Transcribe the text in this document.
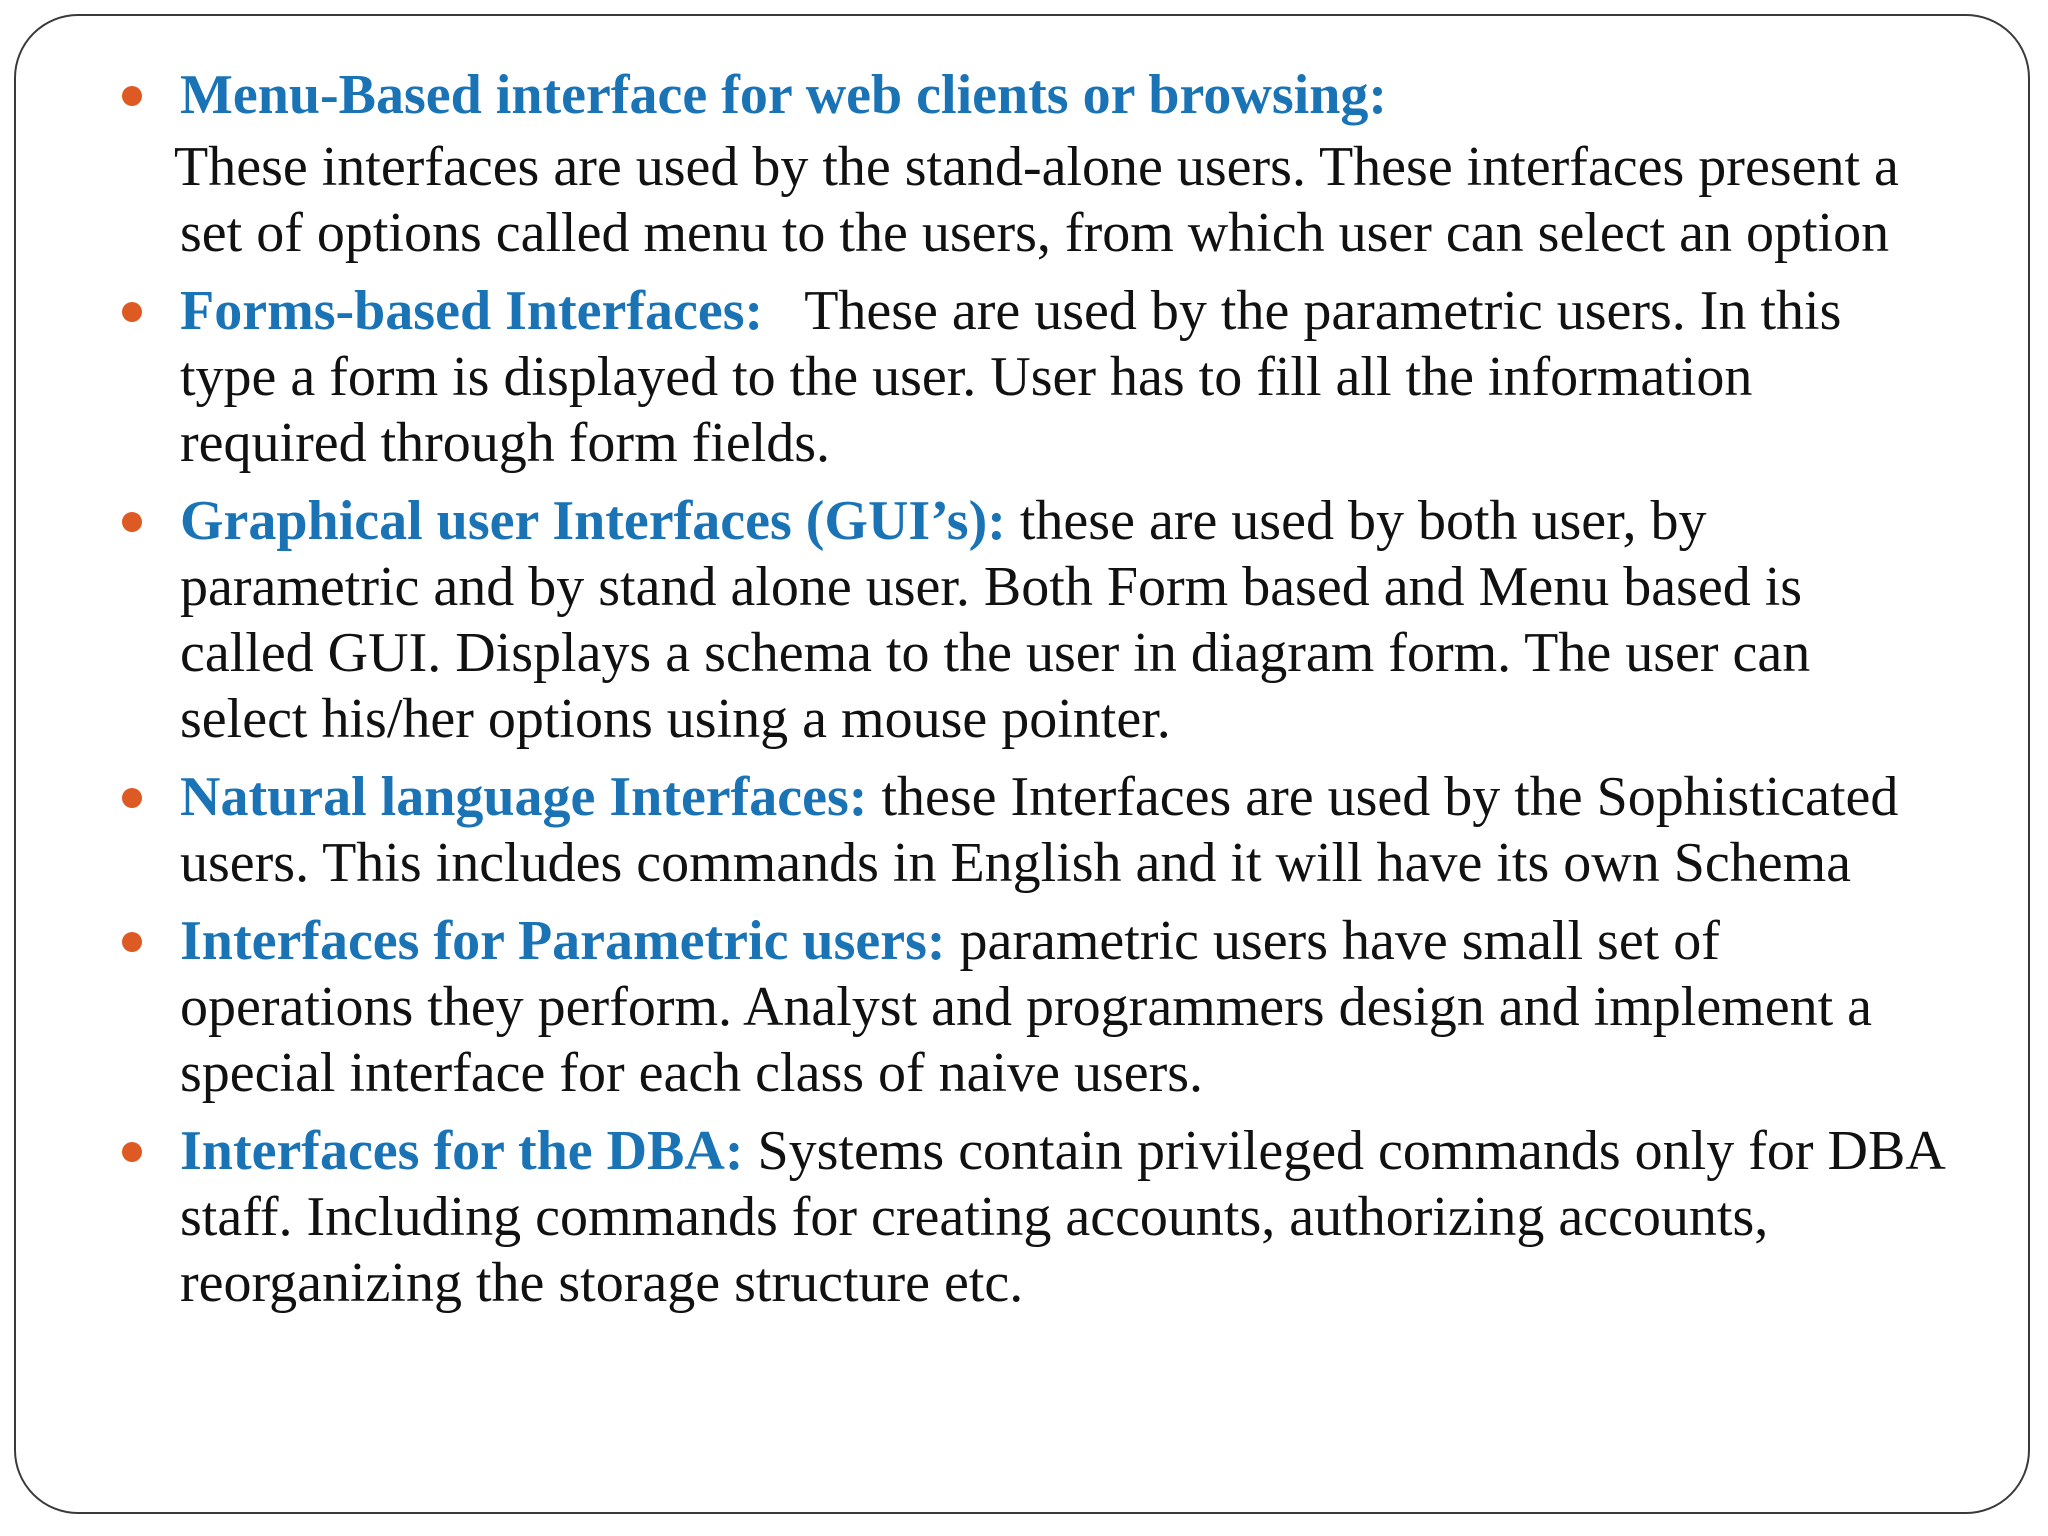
Menu-Based interface for web clients or browsing:
These interfaces are used by the stand-alone users. These interfaces present a set of options called menu to the users, from which user can select an option
Forms-based Interfaces: These are used by the parametric users. In this type a form is displayed to the user. User has to fill all the information required through form fields.
Graphical user Interfaces (GUI’s): these are used by both user, by parametric and by stand alone user. Both Form based and Menu based is called GUI. Displays a schema to the user in diagram form. The user can select his/her options using a mouse pointer.
Natural language Interfaces: these Interfaces are used by the Sophisticated users. This includes commands in English and it will have its own Schema
Interfaces for Parametric users: parametric users have small set of operations they perform. Analyst and programmers design and implement a special interface for each class of naive users.
Interfaces for the DBA: Systems contain privileged commands only for DBA staff. Including commands for creating accounts, authorizing accounts, reorganizing the storage structure etc.
